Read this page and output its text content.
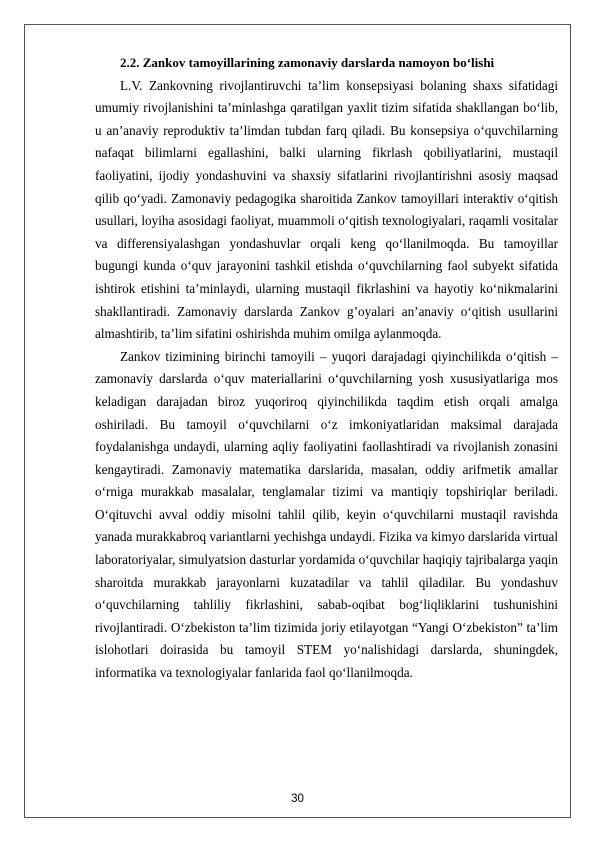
2.2. Zankov tamoyillarining zamonaviy darslarda namoyon bo‘lishi

L.V. Zankovning rivojlantiruvchi ta’lim konsepsiyasi bolaning shaxs sifatidagi umumiy rivojlanishini ta’minlashga qaratilgan yaxlit tizim sifatida shakllangan bo‘lib, u an’anaviy reproduktiv ta’limdan tubdan farq qiladi. Bu konsepsiya o‘quvchilarning nafaqat bilimlarni egallashini, balki ularning fikrlash qobiliyatlarini, mustaqil faoliyatini, ijodiy yondashuvini va shaxsiy sifatlarini rivojlantirishni asosiy maqsad qilib qo‘yadi. Zamonaviy pedagogika sharoitida Zankov tamoyillari interaktiv o‘qitish usullari, loyiha asosidagi faoliyat, muammoli o‘qitish texnologiyalari, raqamli vositalar va differensiyalashgan yondashuvlar orqali keng qo‘llanilmoqda. Bu tamoyillar bugungi kunda o‘quv jarayonini tashkil etishda o‘quvchilarning faol subyekt sifatida ishtirok etishini ta’minlaydi, ularning mustaqil fikrlashini va hayotiy ko‘nikmalarini shakllantiradi. Zamonaviy darslarda Zankov g’oyalari an’anaviy o‘qitish usullarini almashtirib, ta’lim sifatini oshirishda muhim omilga aylanmoqda.

Zankov tizimining birinchi tamoyili – yuqori darajadagi qiyinchilikda o‘qitish – zamonaviy darslarda o‘quv materiallarini o‘quvchilarning yosh xususiyatlariga mos keladigan darajadan biroz yuqoriroq qiyinchilikda taqdim etish orqali amalga oshiriladi. Bu tamoyil o‘quvchilarni o‘z imkoniyatlaridan maksimal darajada foydalanishga undaydi, ularning aqliy faoliyatini faollashtiradi va rivojlanish zonasini kengaytiradi. Zamonaviy matematika darslarida, masalan, oddiy arifmetik amallar o‘rniga murakkab masalalar, tenglamalar tizimi va mantiqiy topshiriqlar beriladi. O‘qituvchi avval oddiy misolni tahlil qilib, keyin o‘quvchilarni mustaqil ravishda yanada murakkabroq variantlarni yechishga undaydi. Fizika va kimyo darslarida virtual laboratoriyalar, simulyatsion dasturlar yordamida o‘quvchilar haqiqiy tajribalarga yaqin sharoitda murakkab jarayonlarni kuzatadilar va tahlil qiladilar. Bu yondashuv o‘quvchilarning tahliliy fikrlashini, sabab-oqibat bog‘liqliklarini tushunishini rivojlantiradi. O‘zbekiston ta’lim tizimida joriy etilayotgan “Yangi O‘zbekiston” ta’lim islohotlari doirasida bu tamoyil STEM yo‘nalishidagi darslarda, shuningdek, informatika va texnologiyalar fanlarida faol qo‘llanilmoqda.

30
